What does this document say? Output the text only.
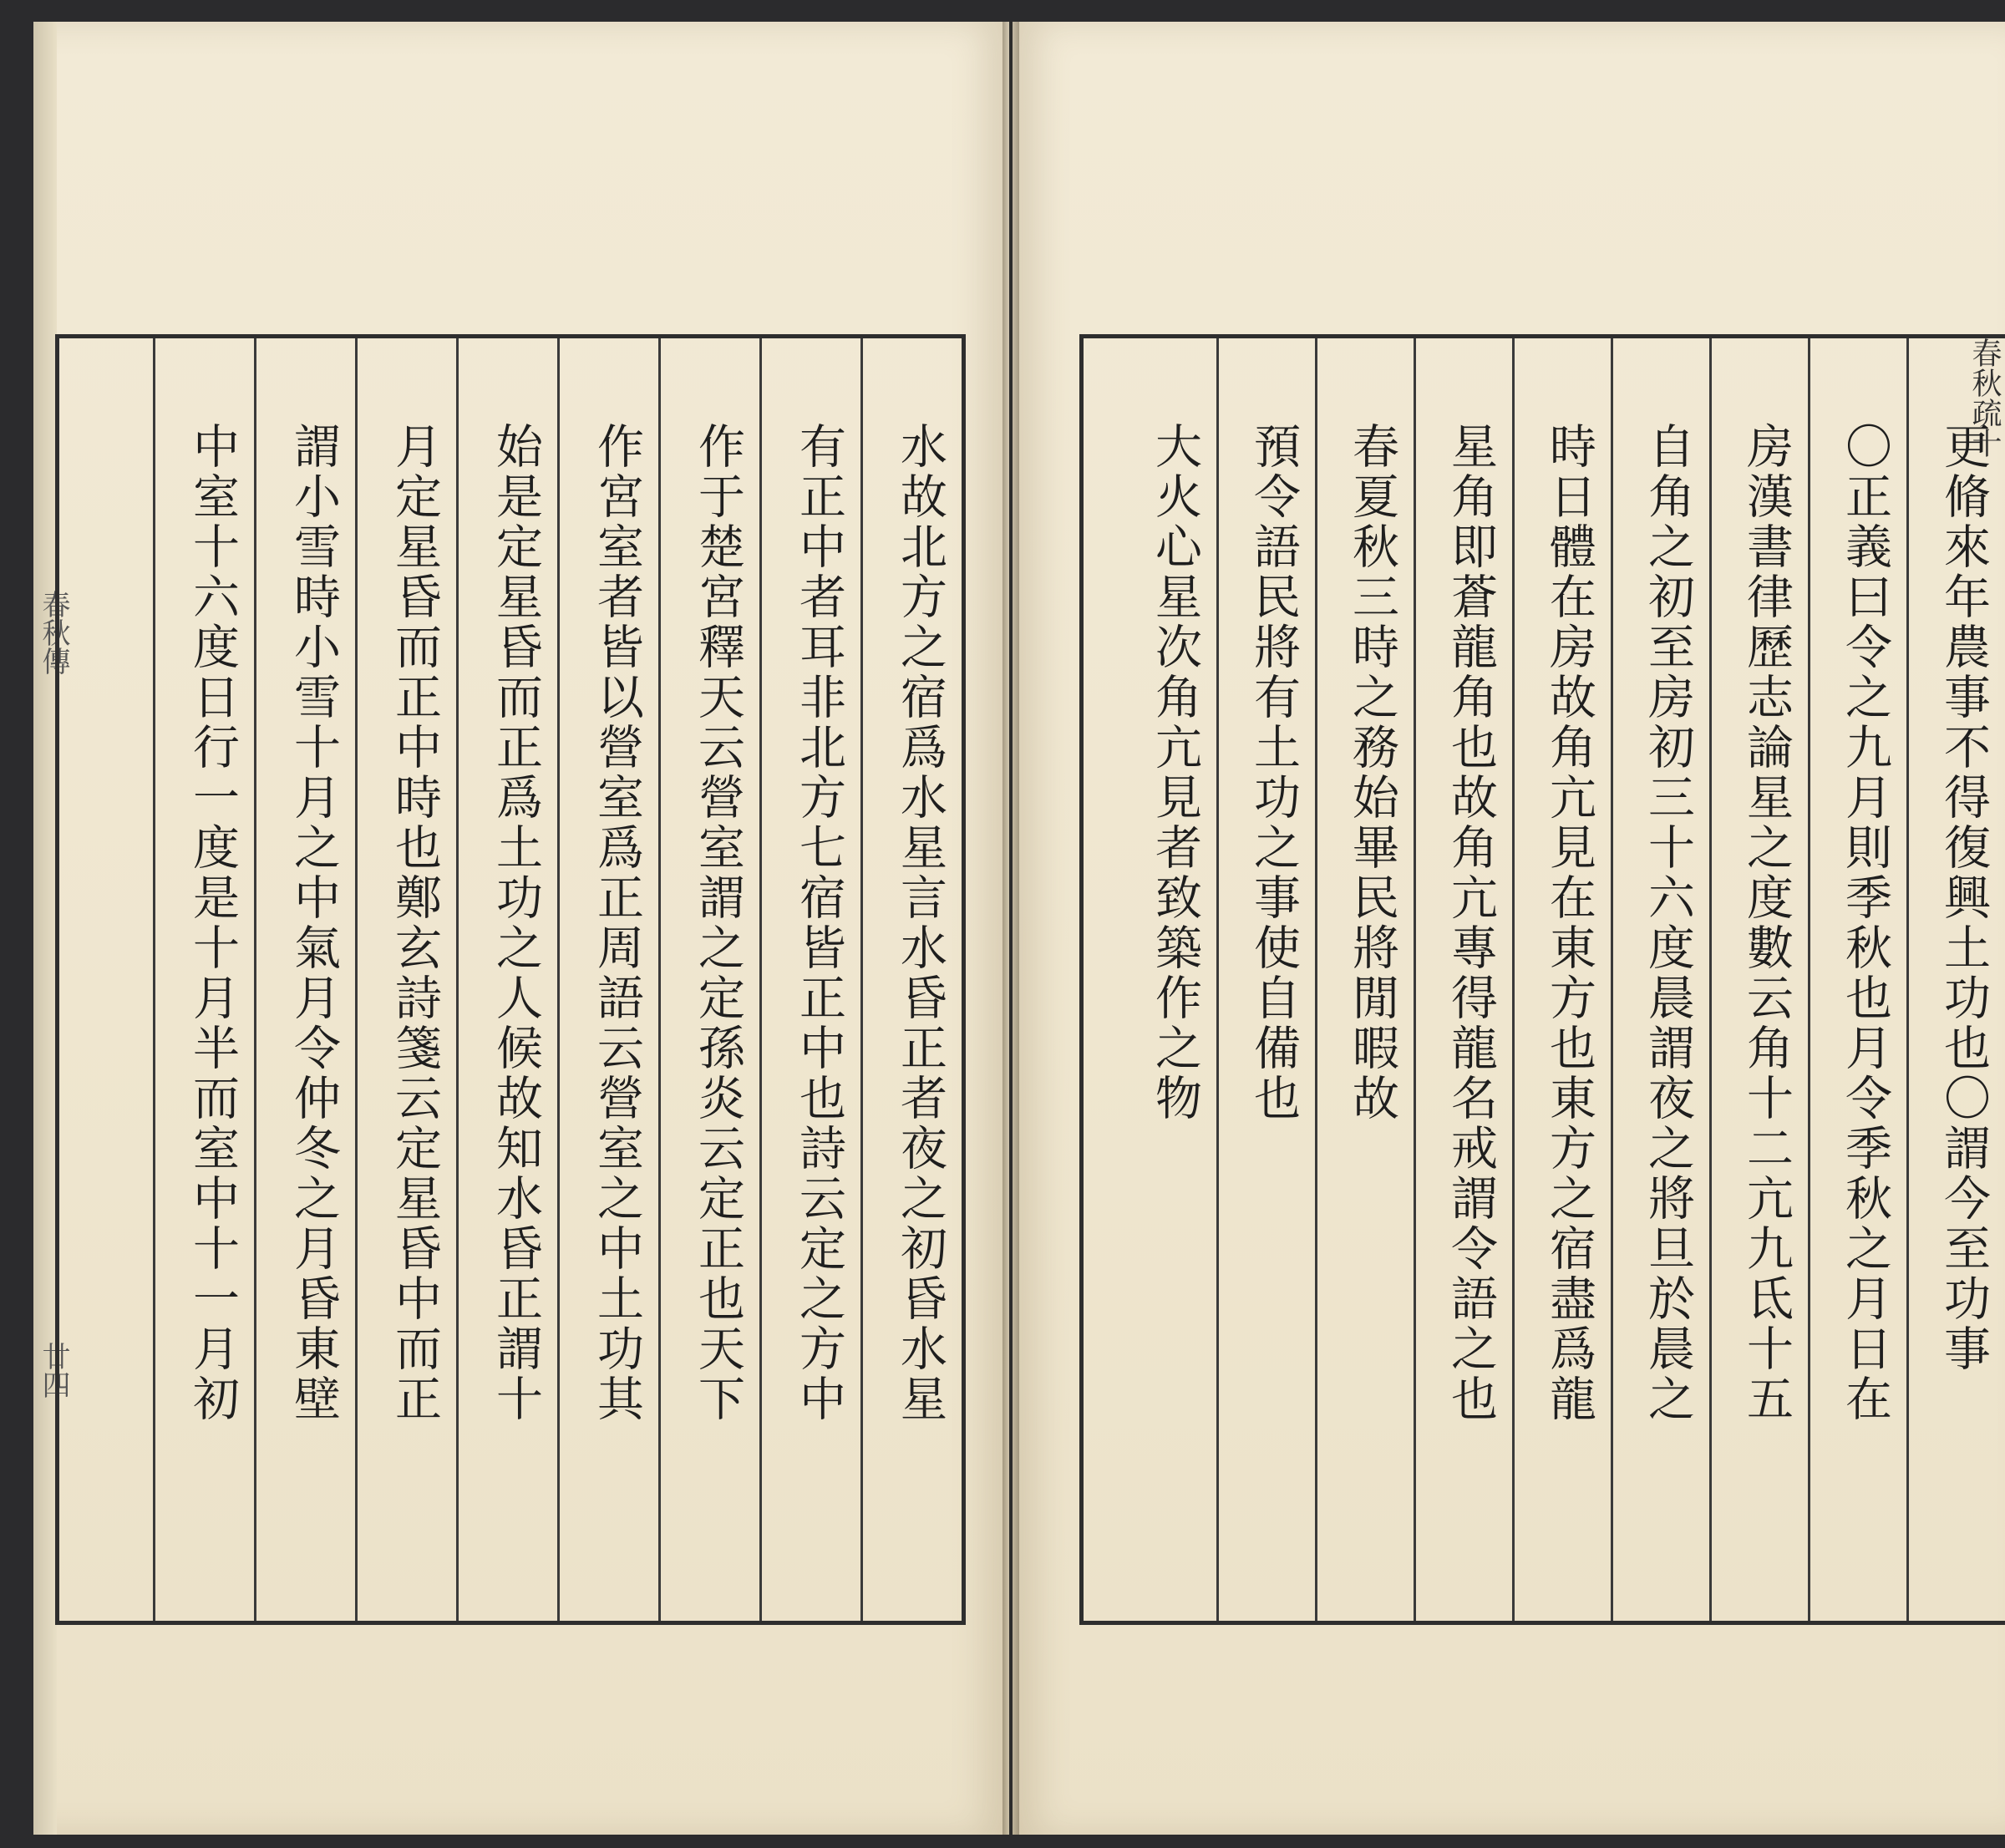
春秋傳
廿四	水故北方之宿爲水星言水昏正者夜之初昏水星
有正中者耳非北方七宿皆正中也詩云定之方中
作于楚宮釋天云營室謂之定孫炎云定正也天下
作宮室者皆以營室爲正周語云營室之中土功其
始是定星昏而正爲土功之人候故知水昏正謂十
月定星昏而正中時也鄭玄詩箋云定星昏中而正
謂小雪時小雪十月之中氣月令仲冬之月昏東壁
中室十六度日行一度是十月半而室中十一月初	更脩來年農事不得復興土功也〇謂今至功事
〇正義曰令之九月則季秋也月令季秋之月日在
房漢書律歷志論星之度數云角十二亢九氐十五
自角之初至房初三十六度晨謂夜之將旦於晨之
時日體在房故角亢見在東方也東方之宿盡爲龍
星角即蒼龍角也故角亢專得龍名戒謂令語之也
春夏秋三時之務始畢民將閒暇故
預令語民將有土功之事使自備也
大火心星次角亢見者致築作之物
春秋疏十
